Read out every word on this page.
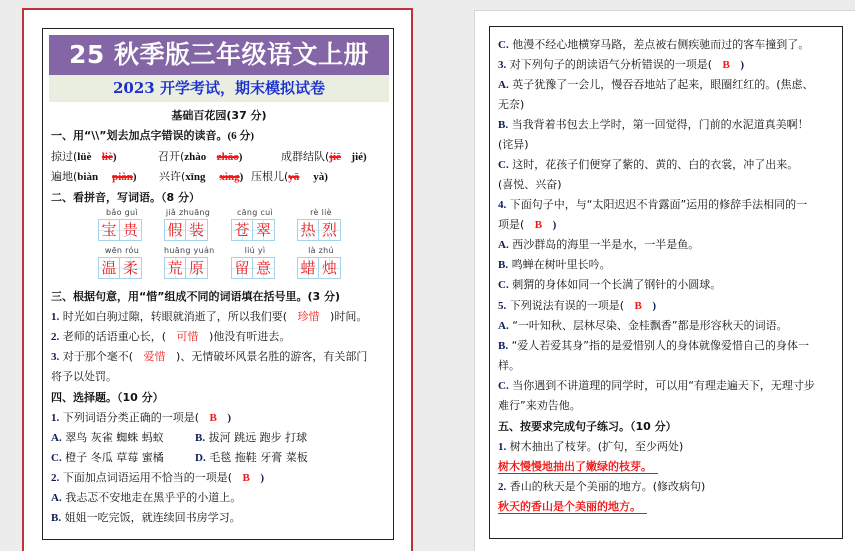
25 秋季版三年级语文上册
2023 开学考试，期末模拟试卷
基础百花园(37 分)
一、用“\\”划去加点字错误的读音。(6 分)
掠过(lüè liè)	召开(zhào zhāo)	成群结队(jiē jié)
遍地(biàn piàn) 兴许(xīng xìng) 压根儿(yā yà)
二、看拼音，写词语。（8 分）
bǎo guì
宝 贵
jiǎ zhuāng
假 装
cāng cuì
苍 翠
rè liè
热 烈
wēn róu
温 柔
huāng yuán
荒 原
liú yì
留 意
là zhú
蜡 烛
三、根据句意，用“惜”组成不同的词语填在括号里。(3 分)
1. 时光如白驹过隙，转眼就消逝了，所以我们要( 珍惜 )时间。
2. 老师的话语重心长，( 可惜 )他没有听进去。
3. 对于那个毫不( 爱惜 )、无情破坏风景名胜的游客，有关部门
将予以处罚。
四、选择题。（10 分）
1. 下列词语分类正确的一项是( B )
A. 翠鸟 灰雀 蜘蛛 蚂蚁	B. 拔河 跳远 跑步 打球
C. 橙子 冬瓜 草莓 蜜橘	D. 毛毯 拖鞋 牙膏 菜板
2. 下面加点词语运用不恰当的一项是( B )
A. 我忐忑不安地走在黑乎乎的小道上。
B. 姐姐一吃完饭，就连续回书房学习。
C. 他漫不经心地横穿马路，差点被右侧疾驰而过的客车撞到了。
3. 对下列句子的朗读语气分析错误的一项是( B )
A. 英子犹豫了一会儿，慢吞吞地站了起来，眼圈红红的。(焦虑、
无奈)
B. 当我背着书包去上学时，第一回觉得，门前的水泥道真美啊！
(诧异)
C. 这时，花孩子们便穿了紫的、黄的、白的衣裳，冲了出来。
(喜悦、兴奋)
4. 下面句子中，与“太阳迟迟不肯露面”运用的修辞手法相同的一
项是( B )
A. 西沙群岛的海里一半是水，一半是鱼。
B. 鸣蝉在树叶里长吟。
C. 刺猬的身体如同一个长满了钢针的小圆球。
5. 下列说法有误的一项是( B )
A. “一叶知秋、层林尽染、金桂飘香”都是形容秋天的词语。
B. “爱人若爱其身”指的是爱惜别人的身体就像爱惜自己的身体一
样。
C. 当你遇到不讲道理的同学时，可以用“有理走遍天下，无理寸步
难行”来劝告他。
五、按要求完成句子练习。（10 分）
1. 树木抽出了枝芽。(扩句，至少两处)
树木慢慢地抽出了嫩绿的枝芽。
2. 香山的秋天是个美丽的地方。(修改病句)
秋天的香山是个美丽的地方。
